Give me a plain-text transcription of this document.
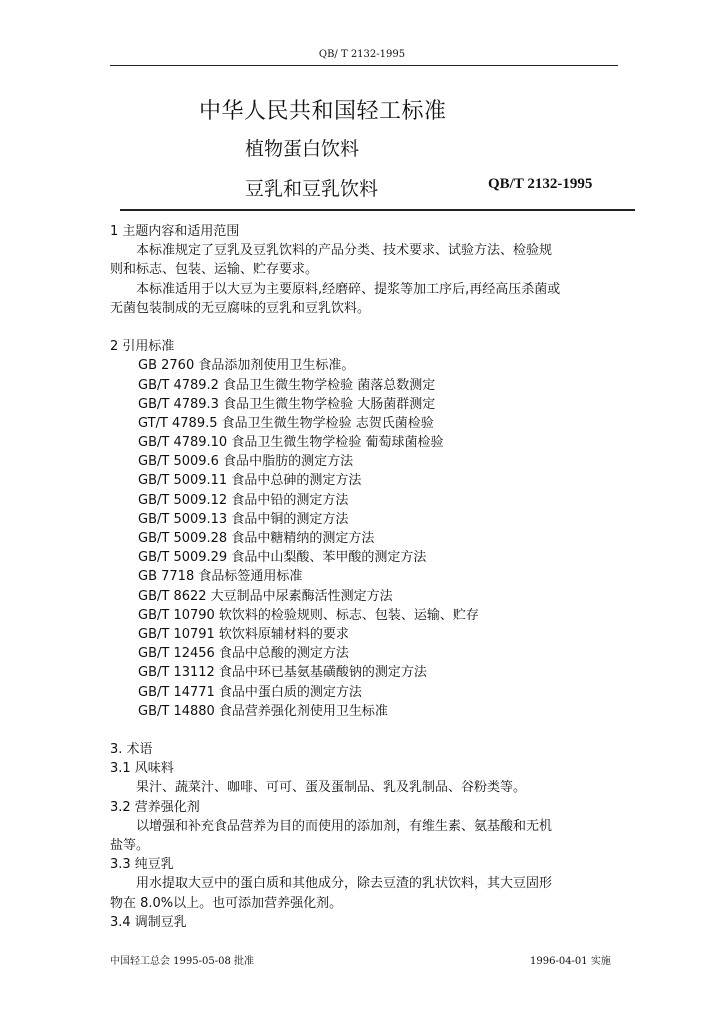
QB/ T 2132-1995
中华人民共和国轻工标准
植物蛋白饮料
豆乳和豆乳饮料	QB/T 2132-1995
1 主题内容和适用范围
本标准规定了豆乳及豆乳饮料的产品分类、技术要求、试验方法、检验规
则和标志、包装、运输、贮存要求。
本标准适用于以大豆为主要原料,经磨碎、提浆等加工序后,再经高压杀菌或
无菌包装制成的无豆腐味的豆乳和豆乳饮料。
2 引用标准
GB 2760 食品添加剂使用卫生标准。
GB/T 4789.2 食品卫生微生物学检验 菌落总数测定
GB/T 4789.3 食品卫生微生物学检验 大肠菌群测定
GT/T 4789.5 食品卫生微生物学检验 志贺氏菌检验
GB/T 4789.10 食品卫生微生物学检验 葡萄球菌检验
GB/T 5009.6 食品中脂肪的测定方法
GB/T 5009.11 食品中总砷的测定方法
GB/T 5009.12 食品中铅的测定方法
GB/T 5009.13 食品中铜的测定方法
GB/T 5009.28 食品中糖精纳的测定方法
GB/T 5009.29 食品中山梨酸、苯甲酸的测定方法
GB 7718 食品标签通用标准
GB/T 8622 大豆制品中尿素酶活性测定方法
GB/T 10790 软饮料的检验规则、标志、包装、运输、贮存
GB/T 10791 软饮料原辅材料的要求
GB/T 12456 食品中总酸的测定方法
GB/T 13112 食品中环已基氨基磺酸钠的测定方法
GB/T 14771 食品中蛋白质的测定方法
GB/T 14880 食品营养强化剂使用卫生标准
3. 术语
3.1 风味料
果汁、蔬菜汁、咖啡、可可、蛋及蛋制品、乳及乳制品、谷粉类等。
3.2 营养强化剂
以增强和补充食品营养为目的而使用的添加剂，有维生素、氨基酸和无机
盐等。
3.3 纯豆乳
用水提取大豆中的蛋白质和其他成分，除去豆渣的乳状饮料，其大豆固形
物在 8.0%以上。也可添加营养强化剂。
3.4 调制豆乳
中国轻工总会 1995-05-08 批准	1996-04-01 实施
